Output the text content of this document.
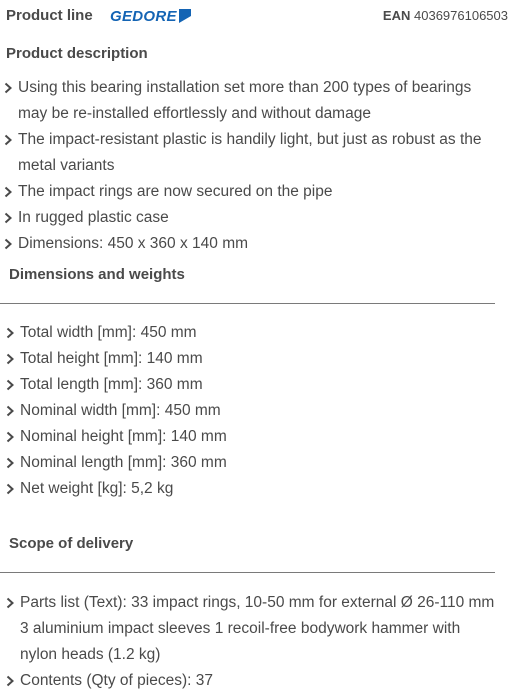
Product line GEDORE	EAN 4036976106503
Product description
Using this bearing installation set more than 200 types of bearings may be re-installed effortlessly and without damage
The impact-resistant plastic is handily light, but just as robust as the metal variants
The impact rings are now secured on the pipe
In rugged plastic case
Dimensions: 450 x 360 x 140 mm
Dimensions and weights
Total width [mm]: 450 mm
Total height [mm]: 140 mm
Total length [mm]: 360 mm
Nominal width [mm]: 450 mm
Nominal height [mm]: 140 mm
Nominal length [mm]: 360 mm
Net weight [kg]: 5,2 kg
Scope of delivery
Parts list (Text): 33 impact rings, 10-50 mm for external Ø 26-110 mm 3 aluminium impact sleeves 1 recoil-free bodywork hammer with nylon heads (1.2 kg)
Contents (Qty of pieces): 37
